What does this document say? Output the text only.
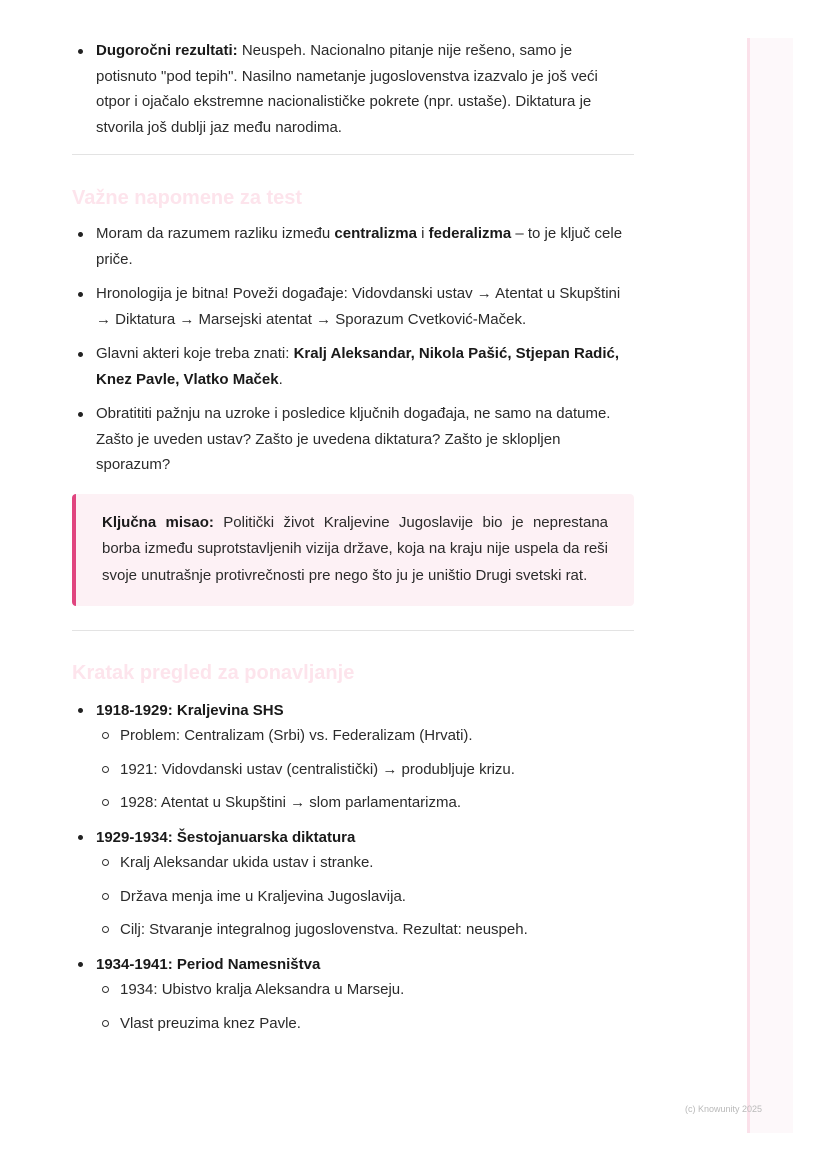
Dugoročni rezultati: Neuspeh. Nacionalno pitanje nije rešeno, samo je potisnuto "pod tepih". Nasilno nametanje jugoslovenstva izazvalo je još veći otpor i ojačalo ekstremne nacionalističke pokrete (npr. ustaše). Diktatura je stvorila još dublji jaz među narodima.
Važne napomene za test
Moram da razumem razliku između centralizma i federalizma – to je ključ cele priče.
Hronologija je bitna! Poveži događaje: Vidovdanski ustav → Atentat u Skupštini → Diktatura → Marsejski atentat → Sporazum Cvetković-Maček.
Glavni akteri koje treba znati: Kralj Aleksandar, Nikola Pašić, Stjepan Radić, Knez Pavle, Vlatko Maček.
Obratititi pažnju na uzroke i posledice ključnih događaja, ne samo na datume. Zašto je uveden ustav? Zašto je uvedena diktatura? Zašto je sklopljen sporazum?
Ključna misao: Politički život Kraljevine Jugoslavije bio je neprestana borba između suprotstavljenih vizija države, koja na kraju nije uspela da reši svoje unutrašnje protivrečnosti pre nego što ju je uništio Drugi svetski rat.
Kratak pregled za ponavljanje
1918-1929: Kraljevina SHS
Problem: Centralizam (Srbi) vs. Federalizam (Hrvati).
1921: Vidovdanski ustav (centralistički) → produbljuje krizu.
1928: Atentat u Skupštini → slom parlamentarizma.
1929-1934: Šestojanuarska diktatura
Kralj Aleksandar ukida ustav i stranke.
Država menja ime u Kraljevina Jugoslavija.
Cilj: Stvaranje integralnog jugoslovenstva. Rezultat: neuspeh.
1934-1941: Period Namesništva
1934: Ubistvo kralja Aleksandra u Marseju.
Vlast preuzima knez Pavle.
(c) Knowunity 2025
